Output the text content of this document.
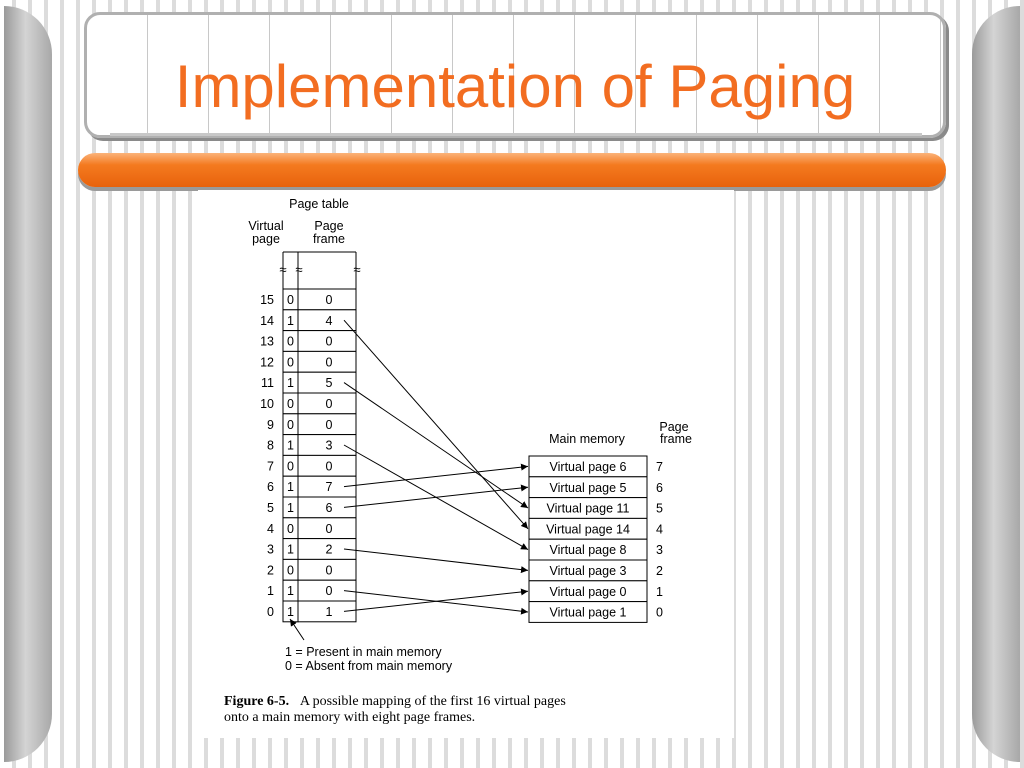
Implementation of Paging
Page table
Virtual
page
Page
frame
≈ ≈	≈
15 0	0
14 1	4
13 0	0
12 0	0
11 1	5
10 0	0
9 0	0
8 1	3
7 0	0
6 1	7
5 1	6
4 0	0
3 1	2
2 0	0
1 1	0
0 1	1
Main memory
Page
frame
Virtual page 6 7
Virtual page 5 6
Virtual page 11 5
Virtual page 14 4
Virtual page 8 3
Virtual page 3 2
Virtual page 0 1
Virtual page 1 0
1 = Present in main memory
0 = Absent from main memory
Figure 6-5. A possible mapping of the first 16 virtual pages
onto a main memory with eight page frames.
